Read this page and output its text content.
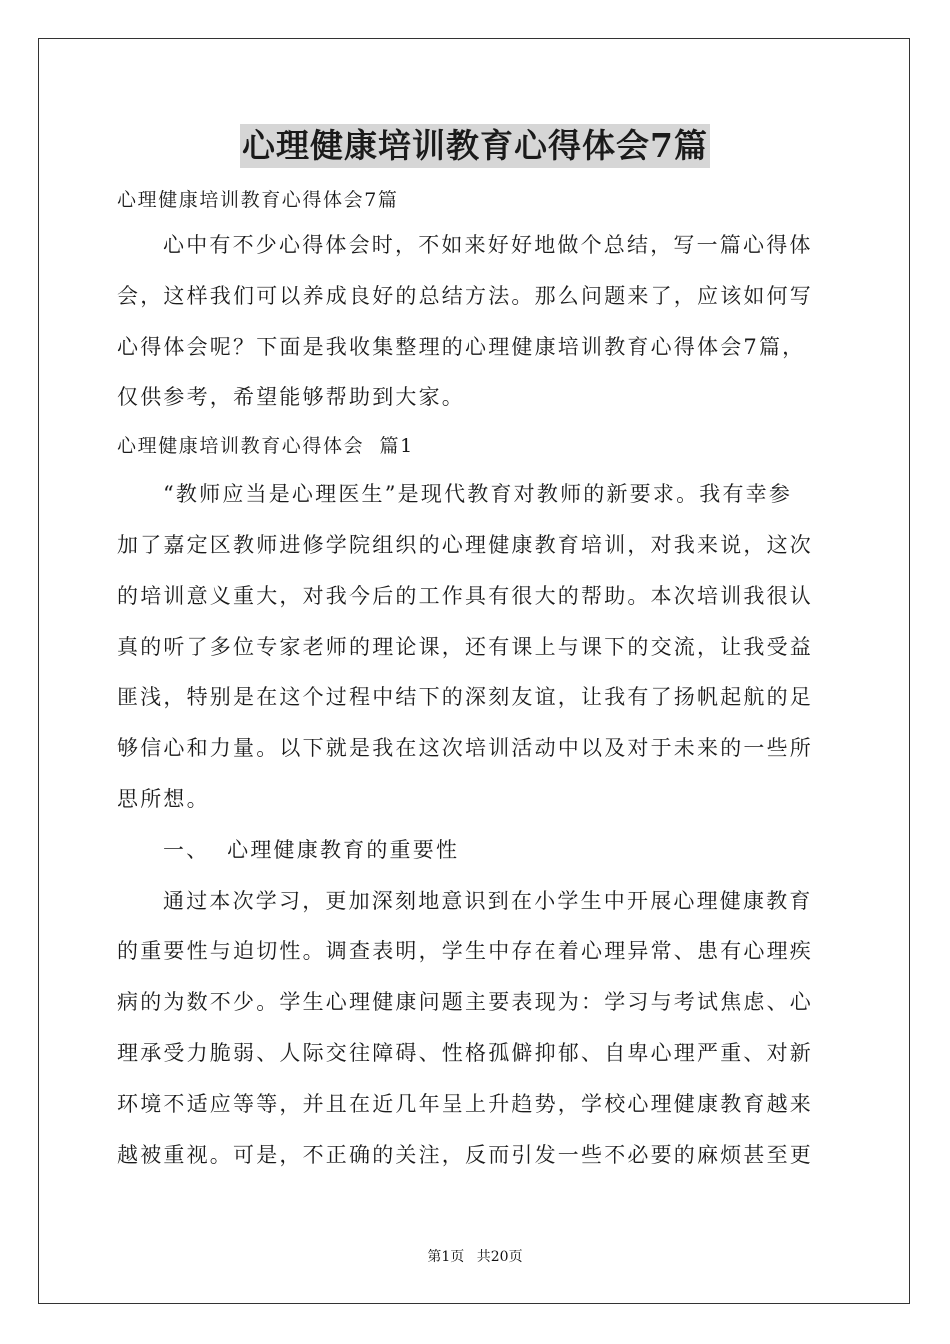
心理健康培训教育心得体会7篇
心理健康培训教育心得体会7篇
心中有不少心得体会时，不如来好好地做个总结，写一篇心得体
会，这样我们可以养成良好的总结方法。那么问题来了，应该如何写
心得体会呢？下面是我收集整理的心理健康培训教育心得体会7篇，
仅供参考，希望能够帮助到大家。
心理健康培训教育心得体会  篇1
“教师应当是心理医生”是现代教育对教师的新要求。我有幸参
加了嘉定区教师进修学院组织的心理健康教育培训，对我来说，这次
的培训意义重大，对我今后的工作具有很大的帮助。本次培训我很认
真的听了多位专家老师的理论课，还有课上与课下的交流，让我受益
匪浅，特别是在这个过程中结下的深刻友谊，让我有了扬帆起航的足
够信心和力量。以下就是我在这次培训活动中以及对于未来的一些所
思所想。
一、  心理健康教育的重要性
通过本次学习，更加深刻地意识到在小学生中开展心理健康教育
的重要性与迫切性。调查表明，学生中存在着心理异常、患有心理疾
病的为数不少。学生心理健康问题主要表现为：学习与考试焦虑、心
理承受力脆弱、人际交往障碍、性格孤僻抑郁、自卑心理严重、对新
环境不适应等等，并且在近几年呈上升趋势，学校心理健康教育越来
越被重视。可是，不正确的关注，反而引发一些不必要的麻烦甚至更
第1页 共20页
